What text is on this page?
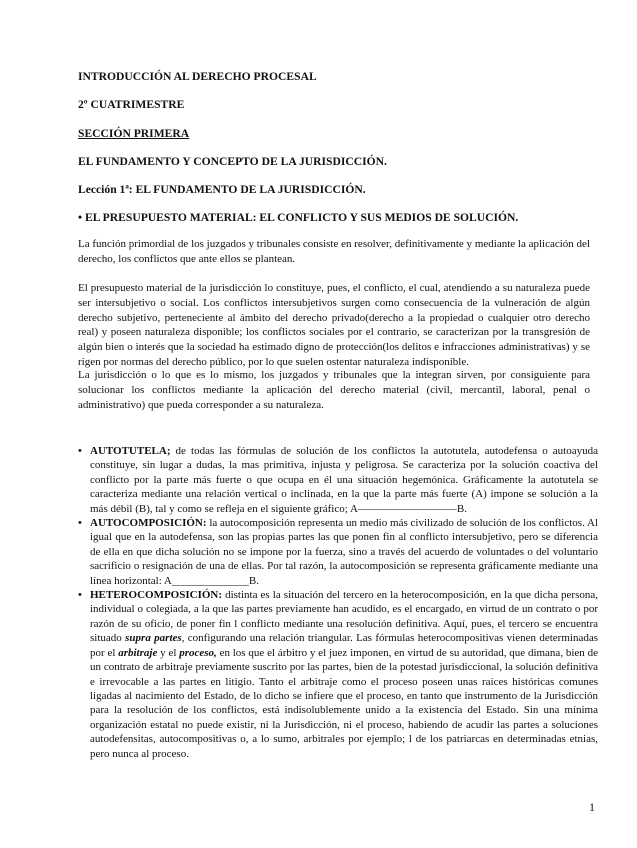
INTRODUCCIÓN AL DERECHO PROCESAL

2º CUATRIMESTRE

SECCIÓN PRIMERA

EL FUNDAMENTO Y CONCEPTO DE LA JURISDICCIÓN.

Lección 1ª: EL FUNDAMENTO DE LA JURISDICCIÓN.

• EL PRESUPUESTO MATERIAL: EL CONFLICTO Y SUS MEDIOS DE SOLUCIÓN.

La función primordial de los juzgados y tribunales consiste en resolver, definitivamente y mediante la aplicación del derecho, los conflictos que ante ellos se plantean.

El presupuesto material de la jurisdicción lo constituye, pues, el conflicto, el cual, atendiendo a su naturaleza puede ser intersubjetivo o social. Los conflictos intersubjetivos surgen como consecuencia de la vulneración de algún derecho subjetivo, perteneciente al ámbito del derecho privado(derecho a la propiedad o cualquier otro derecho real) y poseen naturaleza disponible; los conflictos sociales por el contrario, se caracterizan por la transgresión de algún bien o interés que la sociedad ha estimado digno de protección(los delitos e infracciones administrativas) y se rigen por normas del derecho público, por lo que suelen ostentar naturaleza indisponible.

La jurisdicción o lo que es lo mismo, los juzgados y tribunales que la integran sirven, por consiguiente para solucionar los conflictos mediante la aplicación del derecho material (civil, mercantil, laboral, penal o administrativo) que pueda corresponder a su naturaleza.

• AUTOTUTELA; de todas las fórmulas de solución de los conflictos la autotutela, autodefensa o autoayuda constituye, sin lugar a dudas, la mas primitiva, injusta y peligrosa. Se caracteriza por la solución coactiva del conflicto por la parte más fuerte o que ocupa en él una situación hegemónica. Gráficamente la autotutela se caracteriza mediante una relación vertical o inclinada, en la que la parte más fuerte (A) impone se solución a la más débil (B), tal y como se refleja en el siguiente gráfico; A—————————B.
• AUTOCOMPOSICIÓN: la autocomposición representa un medio más civilizado de solución de los conflictos. Al igual que en la autodefensa, son las propias partes las que ponen fin al conflicto intersubjetivo, pero se diferencia de ella en que dicha solución no se impone por la fuerza, sino a través del acuerdo de voluntades o del voluntario sacrificio o resignación de una de ellas. Por tal razón, la autocomposición se representa gráficamente mediante una línea horizontal: A______________B.
• HETEROCOMPOSICIÓN: distinta es la situación del tercero en la heterocomposición, en la que dicha persona, individual o colegiada, a la que las partes previamente han acudido, es el encargado, en virtud de un contrato o por razón de su oficio, de poner fin l conflicto mediante una resolución definitiva. Aquí, pues, el tercero se encuentra situado supra partes, configurando una relación triangular. Las fórmulas heterocompositivas vienen determinadas por el arbitraje y el proceso, en los que el árbitro y el juez imponen, en virtud de su autoridad, que dimana, bien de un contrato de arbitraje previamente suscrito por las partes, bien de la potestad jurisdiccional, la solución definitiva e irrevocable a las partes en litigio. Tanto el arbitraje como el proceso poseen unas raíces históricas comunes ligadas al nacimiento del Estado, de lo dicho se infiere que el proceso, en tanto que instrumento de la Jurisdicción para la resolución de los conflictos, está indisolublemente unido a la existencia del Estado. Sin una mínima organización estatal no puede existir, ni la Jurisdicción, ni el proceso, habiendo de acudir las partes a soluciones autodefensitas, autocompositivas o, a lo sumo, arbitrales por ejemplo; l de los patriarcas en determinadas etnias, pero nunca al proceso.
1
